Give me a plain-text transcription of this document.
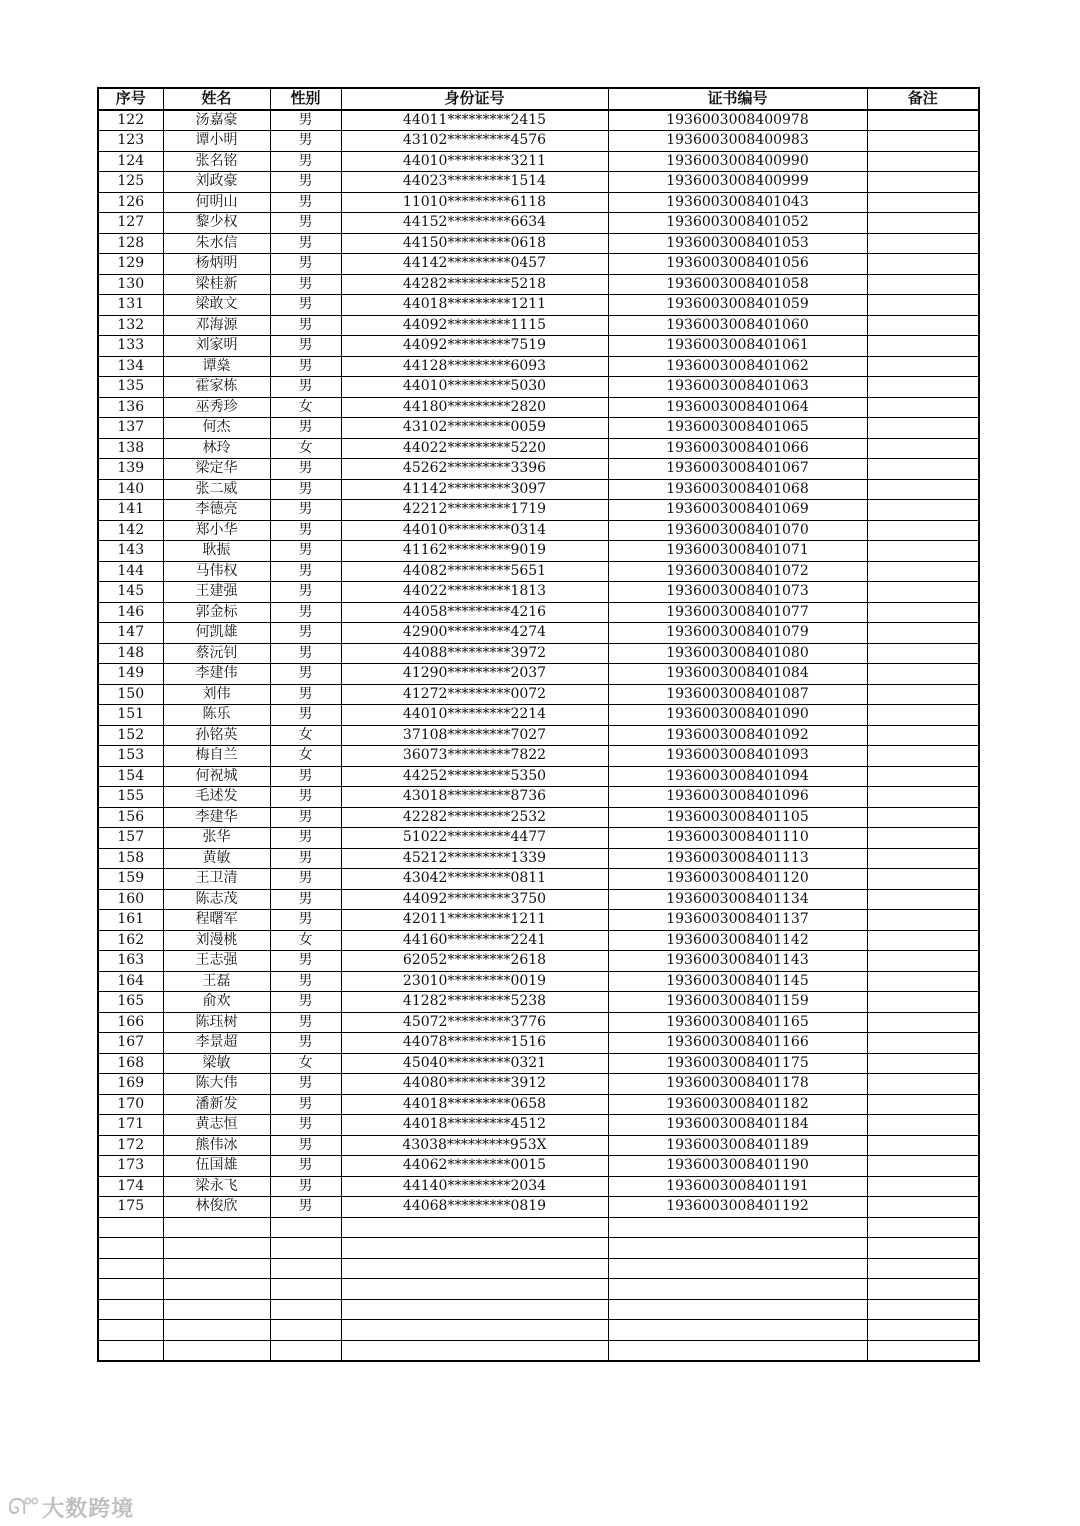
序号	姓名	性别	身份证号	证书编号	备注
122	汤嘉豪	男	44011*********2415	1936003008400978	
123	谭小明	男	43102*********4576	1936003008400983	
124	张名铭	男	44010*********3211	1936003008400990	
125	刘政豪	男	44023*********1514	1936003008400999	
126	何明山	男	11010*********6118	1936003008401043	
127	黎少权	男	44152*********6634	1936003008401052	
128	朱水信	男	44150*********0618	1936003008401053	
129	杨炳明	男	44142*********0457	1936003008401056	
130	梁桂新	男	44282*********5218	1936003008401058	
131	梁敢文	男	44018*********1211	1936003008401059	
132	邓海源	男	44092*********1115	1936003008401060	
133	刘家明	男	44092*********7519	1936003008401061	
134	谭燊	男	44128*********6093	1936003008401062	
135	霍家栋	男	44010*********5030	1936003008401063	
136	巫秀珍	女	44180*********2820	1936003008401064	
137	何杰	男	43102*********0059	1936003008401065	
138	林玲	女	44022*********5220	1936003008401066	
139	梁定华	男	45262*********3396	1936003008401067	
140	张二威	男	41142*********3097	1936003008401068	
141	李德亮	男	42212*********1719	1936003008401069	
142	郑小华	男	44010*********0314	1936003008401070	
143	耿振	男	41162*********9019	1936003008401071	
144	马伟权	男	44082*********5651	1936003008401072	
145	王建强	男	44022*********1813	1936003008401073	
146	郭金标	男	44058*********4216	1936003008401077	
147	何凯雄	男	42900*********4274	1936003008401079	
148	蔡沅钊	男	44088*********3972	1936003008401080	
149	李建伟	男	41290*********2037	1936003008401084	
150	刘伟	男	41272*********0072	1936003008401087	
151	陈乐	男	44010*********2214	1936003008401090	
152	孙铭英	女	37108*********7027	1936003008401092	
153	梅自兰	女	36073*********7822	1936003008401093	
154	何祝城	男	44252*********5350	1936003008401094	
155	毛述发	男	43018*********8736	1936003008401096	
156	李建华	男	42282*********2532	1936003008401105	
157	张华	男	51022*********4477	1936003008401110	
158	黄敏	男	45212*********1339	1936003008401113	
159	王卫清	男	43042*********0811	1936003008401120	
160	陈志茂	男	44092*********3750	1936003008401134	
161	程曙军	男	42011*********1211	1936003008401137	
162	刘漫桃	女	44160*********2241	1936003008401142	
163	王志强	男	62052*********2618	1936003008401143	
164	王磊	男	23010*********0019	1936003008401145	
165	俞欢	男	41282*********5238	1936003008401159	
166	陈珏树	男	45072*********3776	1936003008401165	
167	李景超	男	44078*********1516	1936003008401166	
168	梁敏	女	45040*********0321	1936003008401175	
169	陈大伟	男	44080*********3912	1936003008401178	
170	潘新发	男	44018*********0658	1936003008401182	
171	黄志恒	男	44018*********4512	1936003008401184	
172	熊伟冰	男	43038*********953X	1936003008401189	
173	伍国雄	男	44062*********0015	1936003008401190	
174	梁永飞	男	44140*********2034	1936003008401191	
175	林俊欣	男	44068*********0819	1936003008401192	

ᘏ°° 大数跨境
